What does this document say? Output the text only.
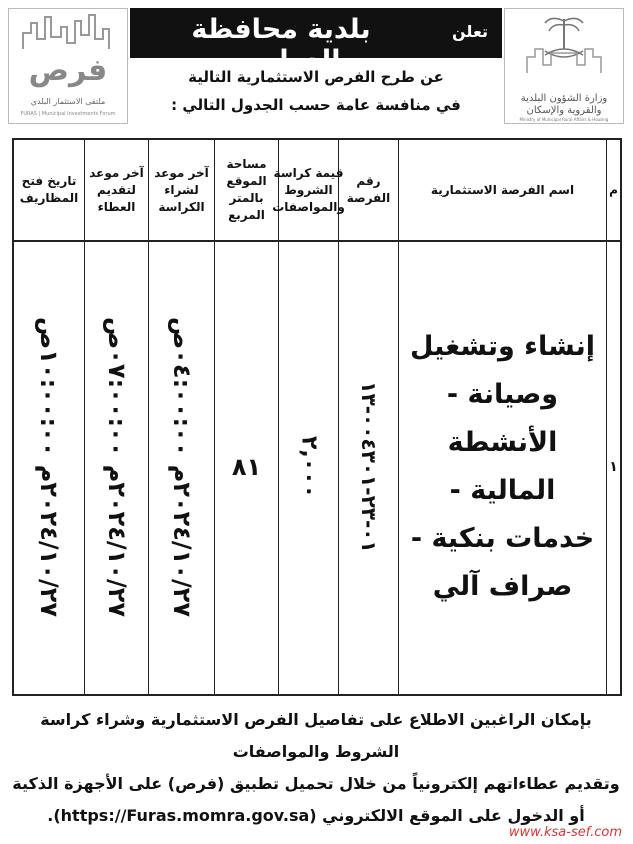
فرص
ملتقى الاستثمار البلدي
FURAS | Municipal Investments Forum
تعلن
بلدية محافظة الدوادمي
عن طرح الفرص الاستثمارية التالية
في منافسة عامة حسب الجدول التالي :	وزارة الشؤون البلدية والقروية والإسكان
Ministry of Municipal Rural Affairs & Housing
م
١
اسم الفرصة الاستثمارية
إنشاء وتشغيل وصيانة - الأنشطة المالية - خدمات بنكية - صراف آلي
رقم الفرصة
٠١-٢٣-٠٠٤٣٠١-١٣
قيمة كراسة الشروط والمواصفات
٢,٠٠٠
مساحة الموقع بالمتر المربع
٨١
آخر موعد لشراء الكراسة
٢٠٢٤/١٠/٢٧م ٠٤:٠٠:٠٠ص
آخر موعد لتقديم العطاء
٢٠٢٤/١٠/٢٧م ٠٧:٠٠:٠٠ص
تاريخ فتح المظاريف
٢٠٢٤/١٠/٢٧م ١٠:٠٠:٠٠ص
بإمكان الراغبين الاطلاع على تفاصيل الفرص الاستثمارية وشراء كراسة الشروط والمواصفات
وتقديم عطاءاتهم إلكترونياً من خلال تحميل تطبيق (فرص) على الأجهزة الذكية
أو الدخول على الموقع الالكتروني (https://Furas.momra.gov.sa).
www.ksa-sef.com
